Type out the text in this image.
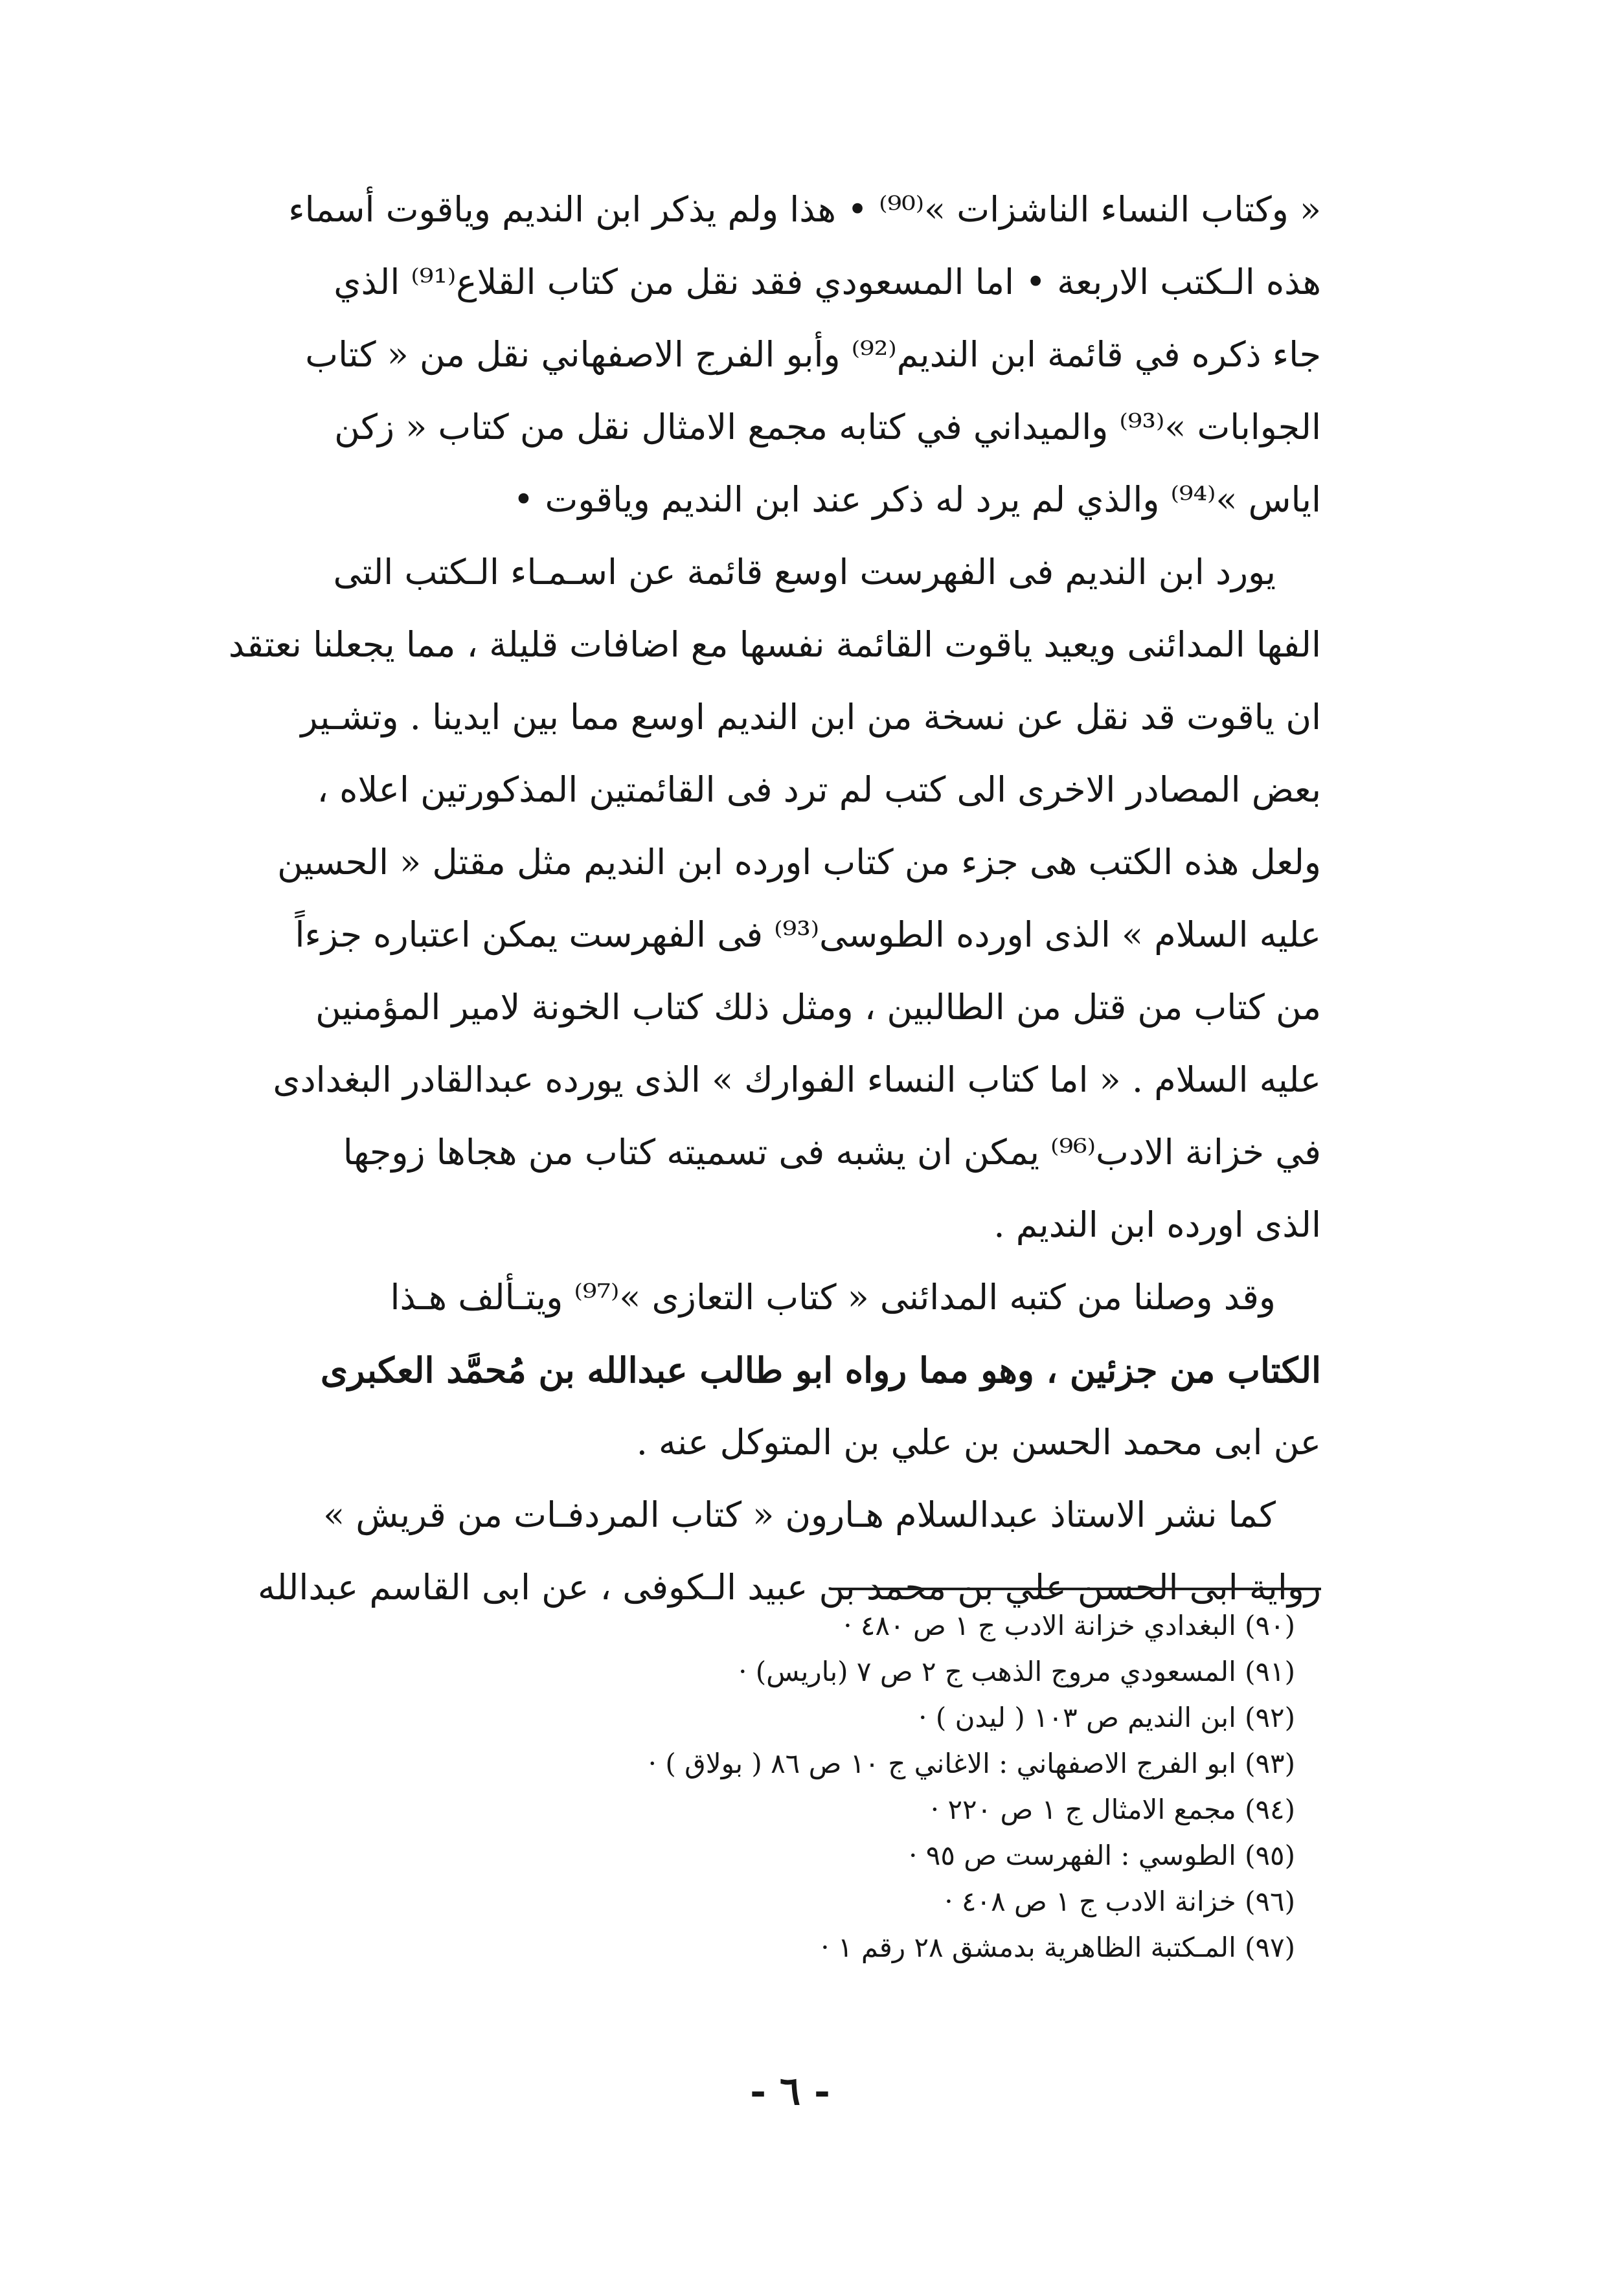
« وكتاب النساء الناشزات »⁽⁹⁰⁾ • هذا ولم يذكر ابن النديم وياقوت أسماء
هذه الـكتب الاربعة • اما المسعودي فقد نقل من كتاب القلاع⁽⁹¹⁾ الذي
جاء ذكره في قائمة ابن النديم⁽⁹²⁾ وأبو الفرج الاصفهاني نقل من « كتاب
الجوابات »⁽⁹³⁾ والميداني في كتابه مجمع الامثال نقل من كتاب « زكن
اياس »⁽⁹⁴⁾ والذي لم يرد له ذكر عند ابن النديم وياقوت •
يورد ابن النديم فى الفهرست اوسع قائمة عن اسـمـاء الـكتب التى
الفها المدائنى ويعيد ياقوت القائمة نفسها مع اضافات قليلة ، مما يجعلنا نعتقد
ان ياقوت قد نقل عن نسخة من ابن النديم اوسع مما بين ايدينا . وتشـير
بعض المصادر الاخرى الى كتب لم ترد فى القائمتين المذكورتين اعلاه ،
ولعل هذه الكتب هى جزء من كتاب اورده ابن النديم مثل مقتل « الحسين
عليه السلام » الذى اورده الطوسى⁽⁹³⁾ فى الفهرست يمكن اعتباره جزءاً
من كتاب من قتل من الطالبين ، ومثل ذلك كتاب الخونة لامير المؤمنين
عليه السلام . « اما كتاب النساء الفوارك » الذى يورده عبدالقادر البغدادى
في خزانة الادب⁽⁹⁶⁾ يمكن ان يشبه فى تسميته كتاب من هجاها زوجها
الذى اورده ابن النديم .
وقد وصلنا من كتبه المدائنى « كتاب التعازى »⁽⁹⁷⁾ ويتـألف هـذا
الكتاب من جزئين ، وهو مما رواه ابو طالب عبدالله بن مُحمَّد العكبرى
عن ابى محمد الحسن بن علي بن المتوكل عنه .
كما نشر الاستاذ عبدالسلام هـارون « كتاب المردفـات من قريش »
رواية ابى الحسن علي بن محمد بن عبيد الـكوفى ، عن ابى القاسم عبدالله
(٩٠) البغدادي خزانة الادب ج ١ ص ٤٨٠ ·
(٩١) المسعودي مروج الذهب ج ٢ ص ٧ (باريس) ·
(٩٢) ابن النديم ص ١٠٣ ( ليدن ) ·
(٩٣) ابو الفرج الاصفهاني : الاغاني ج ١٠ ص ٨٦ ( بولاق ) ·
(٩٤) مجمع الامثال ج ١ ص ٢٢٠ ·
(٩٥) الطوسي : الفهرست ص ٩٥ ·
(٩٦) خزانة الادب ج ١ ص ٤٠٨ ·
(٩٧) المـكتبة الظاهرية بدمشق ٢٨ رقم ١ ·
- ٦ -
